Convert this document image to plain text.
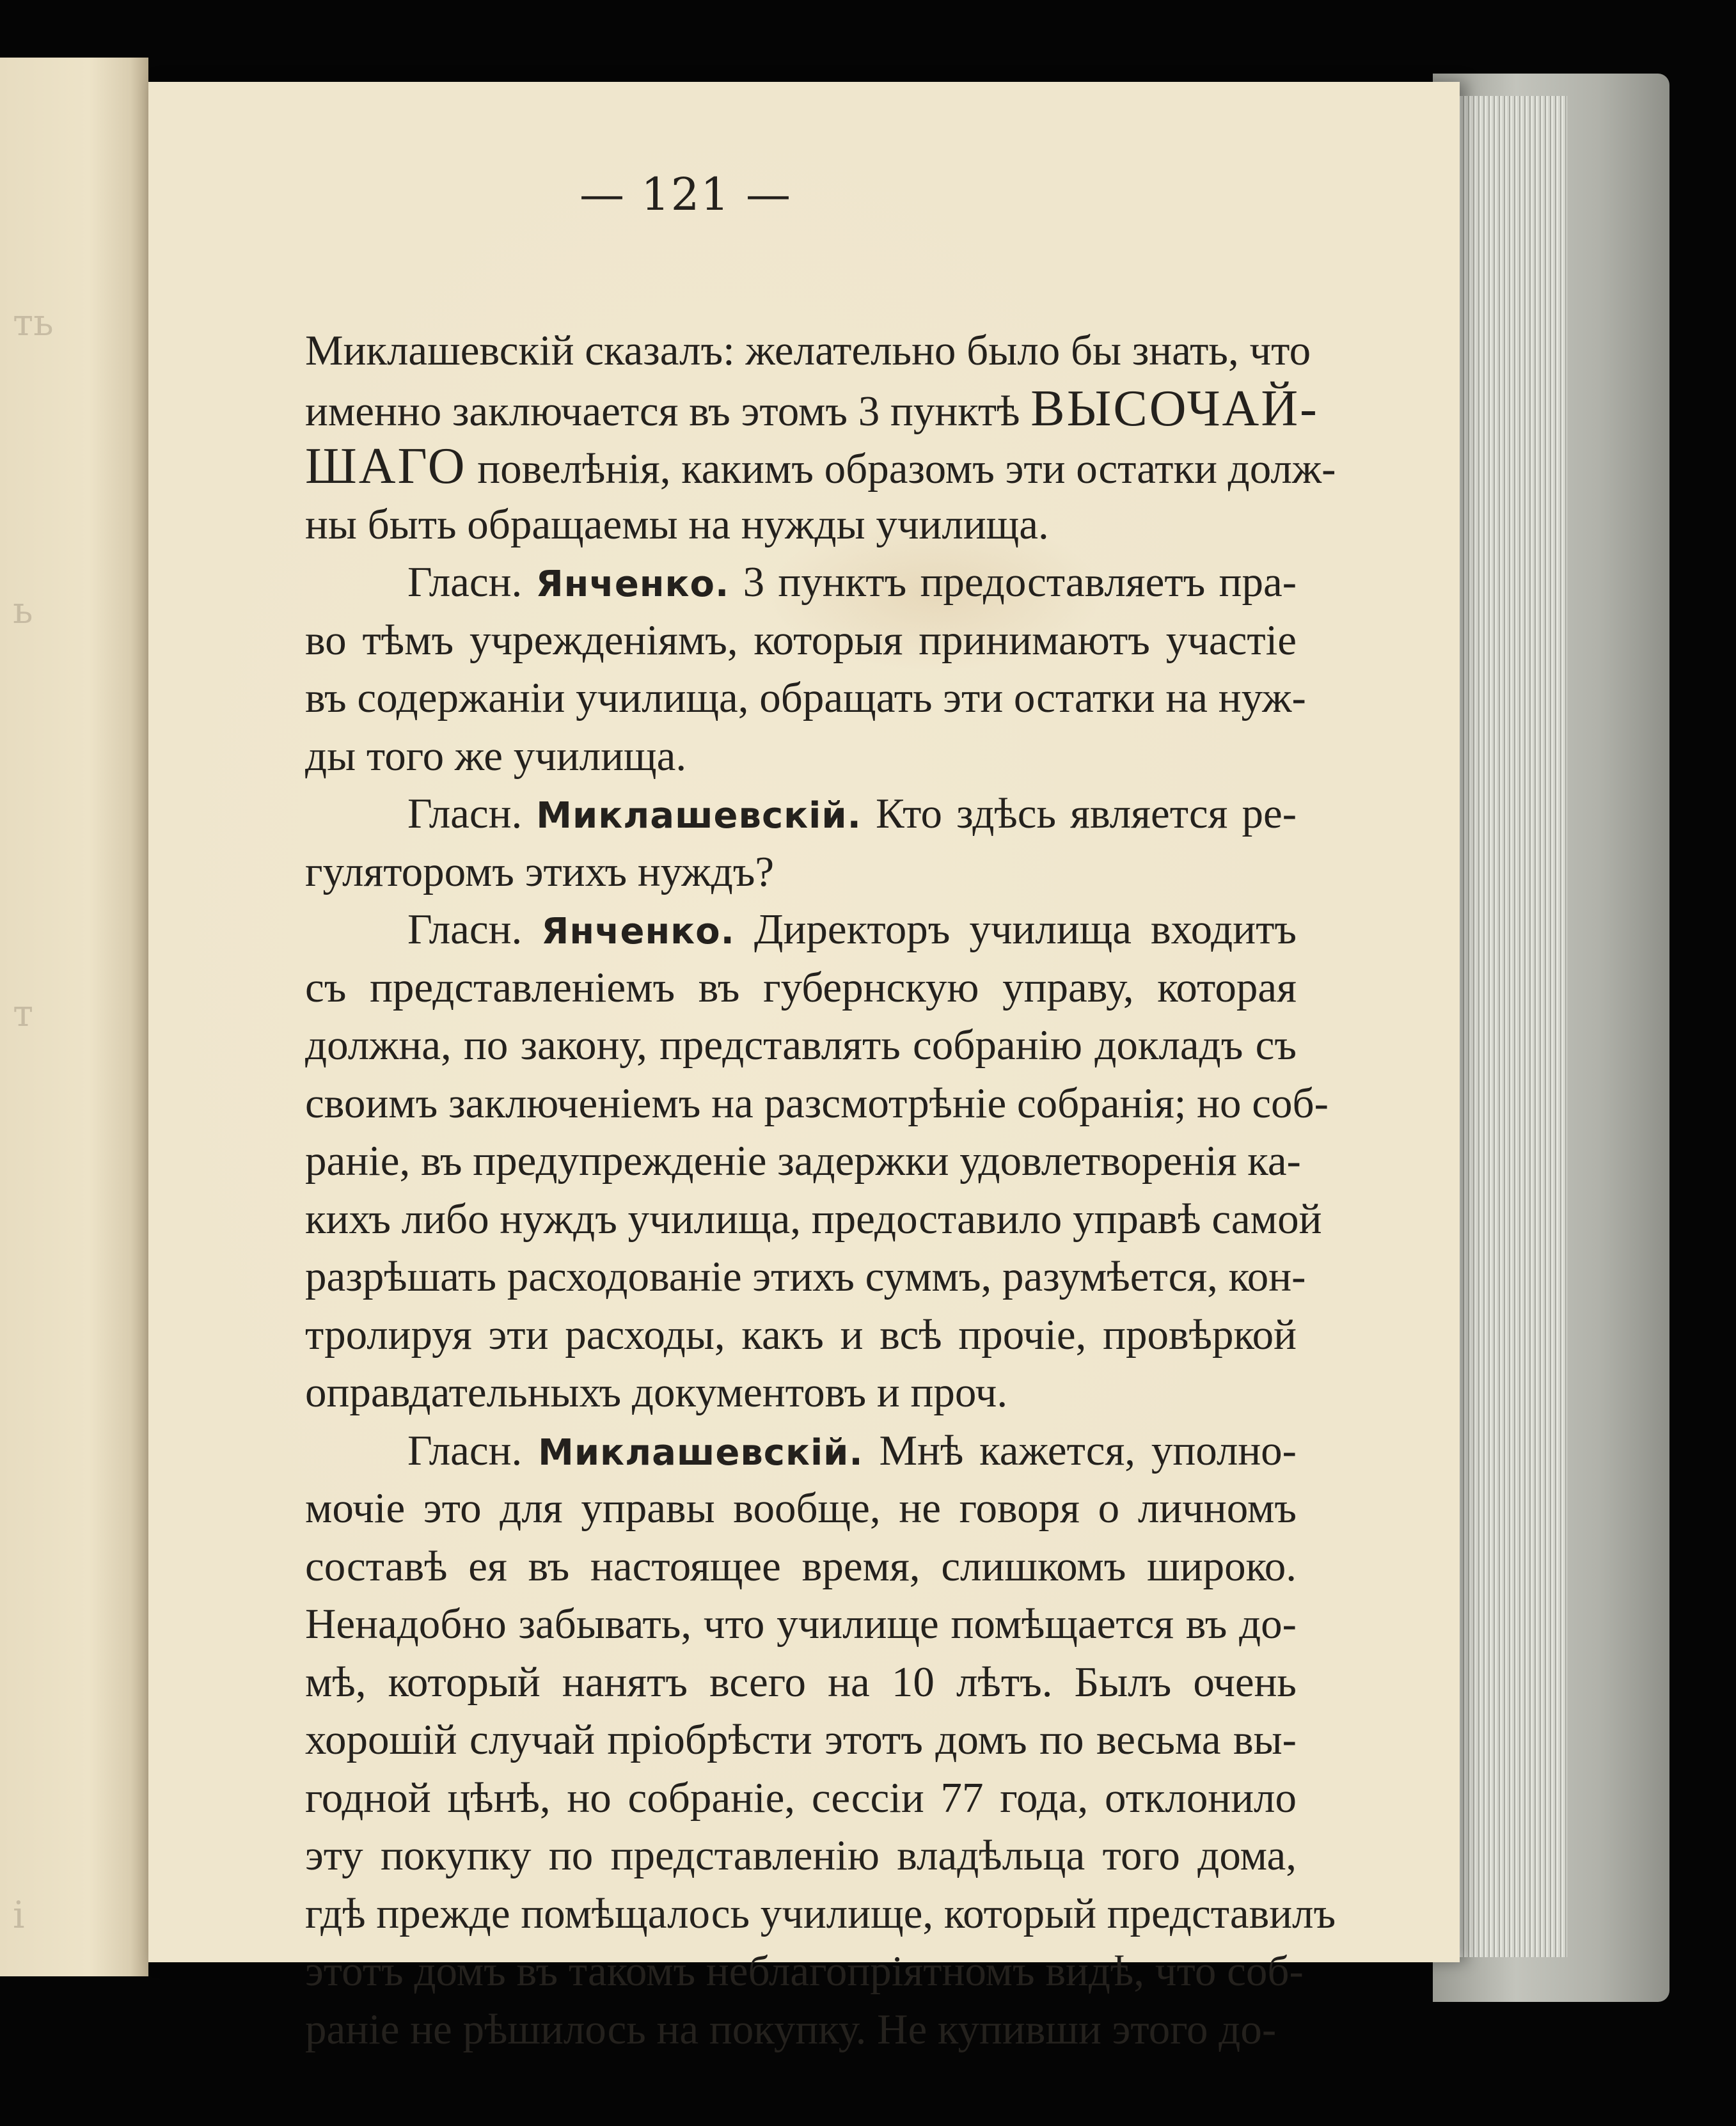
ть
ь
т
i
— 121 —
Миклашевскій сказалъ: желательно было бы знать, что
именно заключается въ этомъ 3 пунктѣ ВЫСОЧАЙ-
ШАГО повелѣнія, какимъ образомъ эти остатки долж-
ны быть обращаемы на нужды училища.
Гласн. Янченко. 3 пунктъ предоставляетъ пра-
во тѣмъ учрежденіямъ, которыя принимаютъ участіе
въ содержаніи училища, обращать эти остатки на нуж-
ды того же училища.
Гласн. Миклашевскій. Кто здѣсь является ре-
гуляторомъ этихъ нуждъ?
Гласн. Янченко. Директоръ училища входитъ
съ представленіемъ въ губернскую управу, которая
должна, по закону, представлять собранію докладъ съ
своимъ заключеніемъ на разсмотрѣніе собранія; но соб-
раніе, въ предупрежденіе задержки удовлетворенія ка-
кихъ либо нуждъ училища, предоставило управѣ самой
разрѣшать расходованіе этихъ суммъ, разумѣется, кон-
тролируя эти расходы, какъ и всѣ прочіе, провѣркой
оправдательныхъ документовъ и проч.
Гласн. Миклашевскій. Мнѣ кажется, уполно-
мочіе это для управы вообще, не говоря о личномъ
составѣ ея въ настоящее время, слишкомъ широко.
Ненадобно забывать, что училище помѣщается въ до-
мѣ, который нанятъ всего на 10 лѣтъ. Былъ очень
хорошій случай пріобрѣсти этотъ домъ по весьма вы-
годной цѣнѣ, но собраніе, сессіи 77 года, отклонило
эту покупку по представленію владѣльца того дома,
гдѣ прежде помѣщалось училище, который представилъ
этотъ домъ въ такомъ неблагопріятномъ видѣ, что соб-
раніе не рѣшилось на покупку. Не купивши этого до-
